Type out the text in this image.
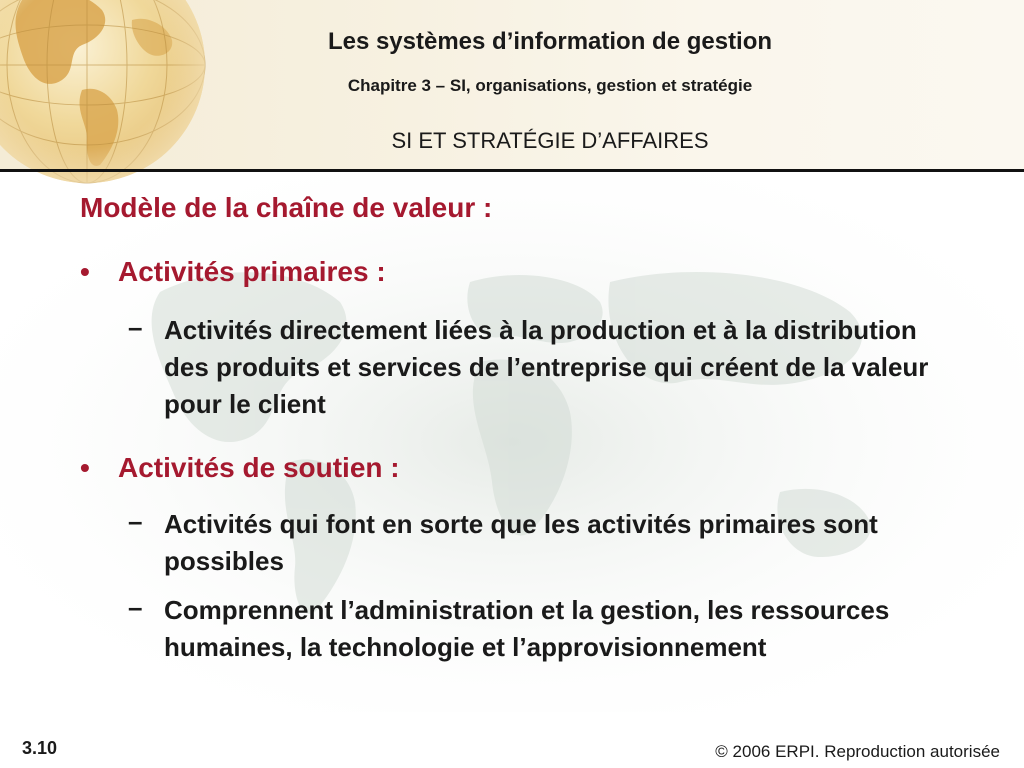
Les systèmes d’information de gestion
Chapitre 3 – SI, organisations, gestion et stratégie
SI ET STRATÉGIE D’AFFAIRES
Modèle de la chaîne de valeur :
•	Activités primaires :
– Activités directement liées à la production et à la distribution des produits et services de l’entreprise qui créent de la valeur pour le client
•	Activités de soutien :
– Activités qui font en sorte que les activités primaires sont possibles
– Comprennent l’administration et la gestion, les ressources humaines, la technologie et l’approvisionnement
3.10	© 2006 ERPI. Reproduction autorisée
